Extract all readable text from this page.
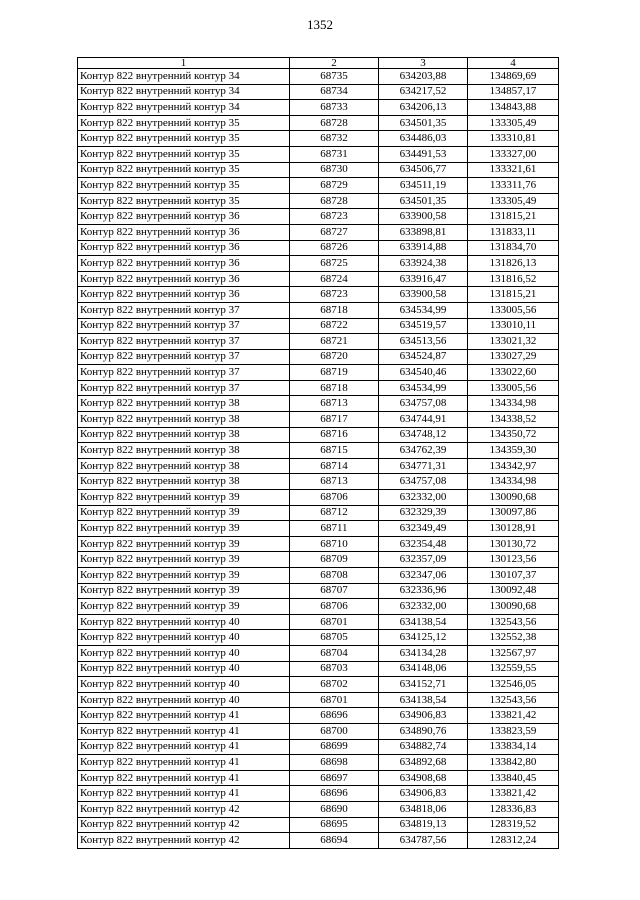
1352
1	2	3	4
Контур 822 внутренний контур 34	68735	634203,88	134869,69
Контур 822 внутренний контур 34	68734	634217,52	134857,17
Контур 822 внутренний контур 34	68733	634206,13	134843,88
Контур 822 внутренний контур 35	68728	634501,35	133305,49
Контур 822 внутренний контур 35	68732	634486,03	133310,81
Контур 822 внутренний контур 35	68731	634491,53	133327,00
Контур 822 внутренний контур 35	68730	634506,77	133321,61
Контур 822 внутренний контур 35	68729	634511,19	133311,76
Контур 822 внутренний контур 35	68728	634501,35	133305,49
Контур 822 внутренний контур 36	68723	633900,58	131815,21
Контур 822 внутренний контур 36	68727	633898,81	131833,11
Контур 822 внутренний контур 36	68726	633914,88	131834,70
Контур 822 внутренний контур 36	68725	633924,38	131826,13
Контур 822 внутренний контур 36	68724	633916,47	131816,52
Контур 822 внутренний контур 36	68723	633900,58	131815,21
Контур 822 внутренний контур 37	68718	634534,99	133005,56
Контур 822 внутренний контур 37	68722	634519,57	133010,11
Контур 822 внутренний контур 37	68721	634513,56	133021,32
Контур 822 внутренний контур 37	68720	634524,87	133027,29
Контур 822 внутренний контур 37	68719	634540,46	133022,60
Контур 822 внутренний контур 37	68718	634534,99	133005,56
Контур 822 внутренний контур 38	68713	634757,08	134334,98
Контур 822 внутренний контур 38	68717	634744,91	134338,52
Контур 822 внутренний контур 38	68716	634748,12	134350,72
Контур 822 внутренний контур 38	68715	634762,39	134359,30
Контур 822 внутренний контур 38	68714	634771,31	134342,97
Контур 822 внутренний контур 38	68713	634757,08	134334,98
Контур 822 внутренний контур 39	68706	632332,00	130090,68
Контур 822 внутренний контур 39	68712	632329,39	130097,86
Контур 822 внутренний контур 39	68711	632349,49	130128,91
Контур 822 внутренний контур 39	68710	632354,48	130130,72
Контур 822 внутренний контур 39	68709	632357,09	130123,56
Контур 822 внутренний контур 39	68708	632347,06	130107,37
Контур 822 внутренний контур 39	68707	632336,96	130092,48
Контур 822 внутренний контур 39	68706	632332,00	130090,68
Контур 822 внутренний контур 40	68701	634138,54	132543,56
Контур 822 внутренний контур 40	68705	634125,12	132552,38
Контур 822 внутренний контур 40	68704	634134,28	132567,97
Контур 822 внутренний контур 40	68703	634148,06	132559,55
Контур 822 внутренний контур 40	68702	634152,71	132546,05
Контур 822 внутренний контур 40	68701	634138,54	132543,56
Контур 822 внутренний контур 41	68696	634906,83	133821,42
Контур 822 внутренний контур 41	68700	634890,76	133823,59
Контур 822 внутренний контур 41	68699	634882,74	133834,14
Контур 822 внутренний контур 41	68698	634892,68	133842,80
Контур 822 внутренний контур 41	68697	634908,68	133840,45
Контур 822 внутренний контур 41	68696	634906,83	133821,42
Контур 822 внутренний контур 42	68690	634818,06	128336,83
Контур 822 внутренний контур 42	68695	634819,13	128319,52
Контур 822 внутренний контур 42	68694	634787,56	128312,24
